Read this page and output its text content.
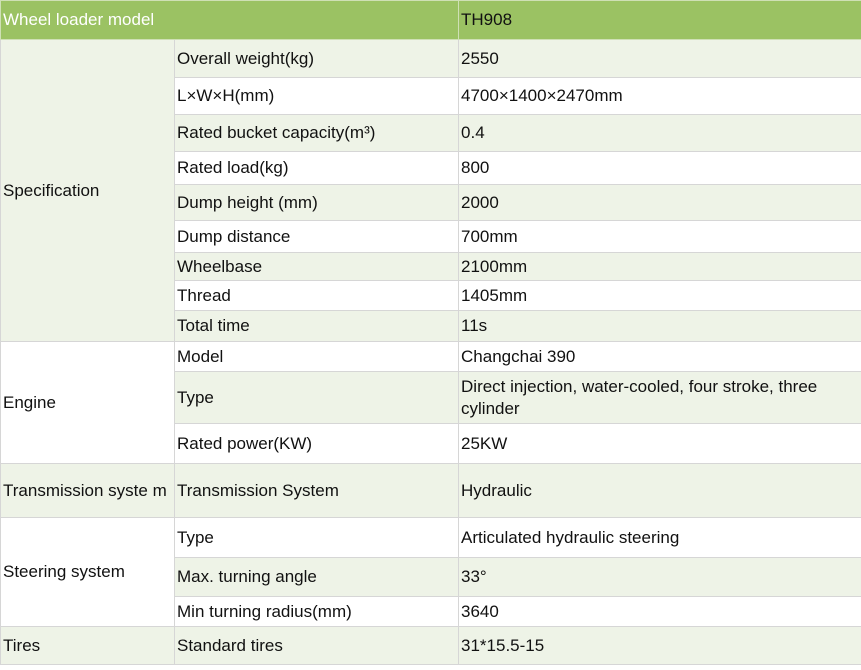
Wheel loader model		TH908
Specification	Overall weight(kg)	2550
	L×W×H(mm)	4700×1400×2470mm
	Rated bucket capacity(m³)	0.4
	Rated load(kg)	800
	Dump height (mm)	2000
	Dump distance	700mm
	Wheelbase	2100mm
	Thread	1405mm
	Total time	11s
Engine	Model	Changchai 390
	Type	Direct injection, water-cooled, four stroke, three cylinder
	Rated power(KW)	25KW
Transmission syste m	Transmission System	Hydraulic
Steering system	Type	Articulated hydraulic steering
	Max. turning angle	33°
	Min turning radius(mm)	3640
Tires	Standard tires	31*15.5-15
